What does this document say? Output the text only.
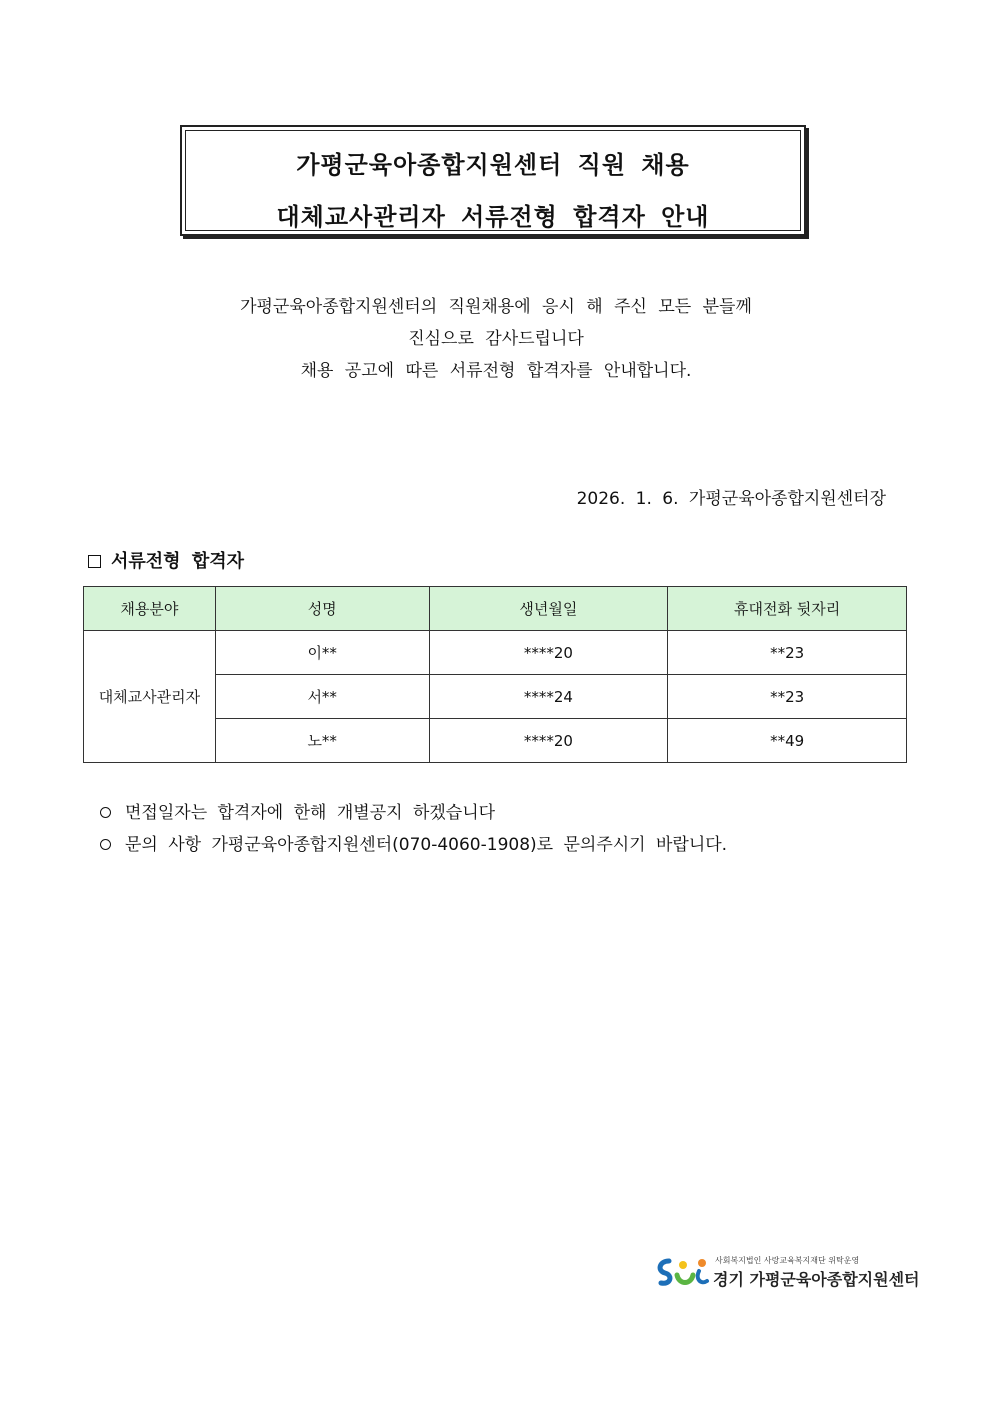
가평군육아종합지원센터 직원 채용
대체교사관리자 서류전형 합격자 안내
가평군육아종합지원센터의 직원채용에 응시 해 주신 모든 분들께
진심으로 감사드립니다
채용 공고에 따른 서류전형 합격자를 안내합니다.
2026. 1. 6. 가평군육아종합지원센터장
서류전형 합격자
채용분야	성명	생년월일	휴대전화 뒷자리
대체교사관리자	이**	****20	**23
	서**	****24	**23
	노**	****20	**49
면접일자는 합격자에 한해 개별공지 하겠습니다
문의 사항 가평군육아종합지원센터(070-4060-1908)로 문의주시기 바랍니다.
사회복지법인 사랑교육복지재단 위탁운영
경기 가평군육아종합지원센터
